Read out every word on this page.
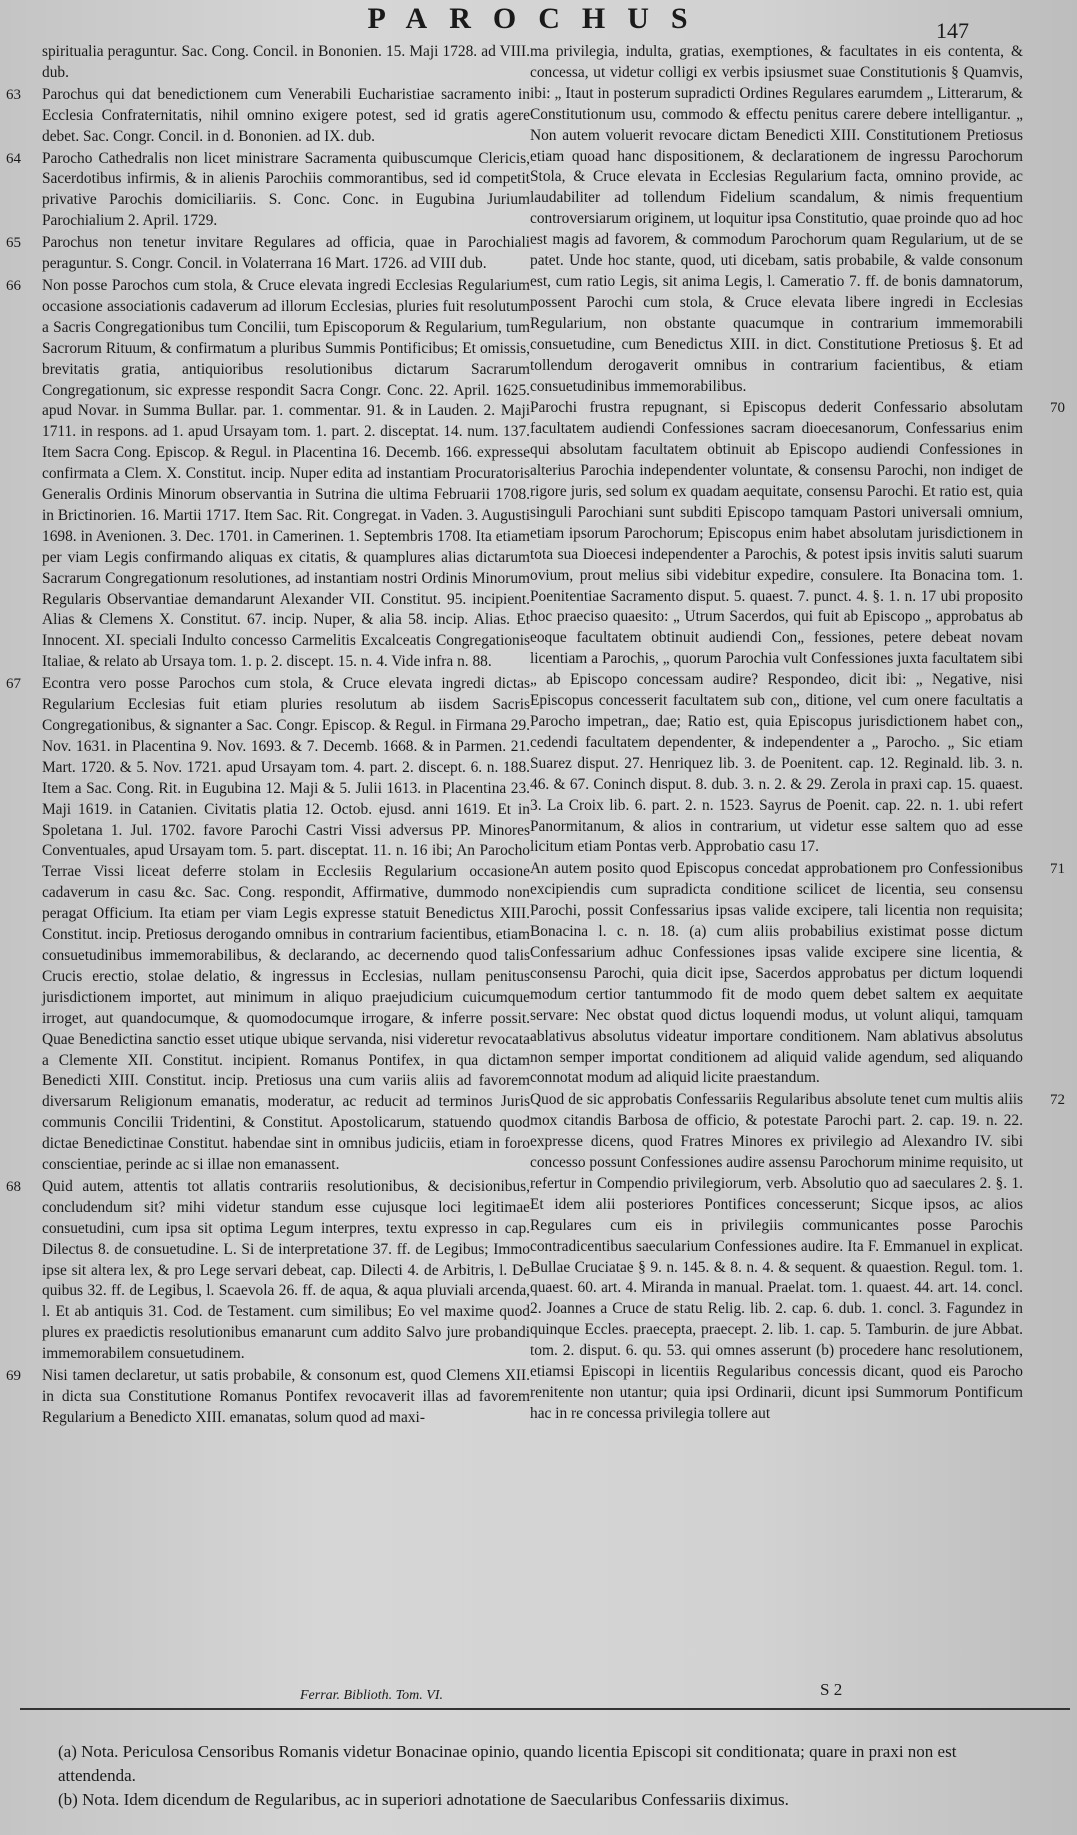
PAROCHUS	147

spiritualia peraguntur. Sac. Cong. Concil. in Bononien. 15. Maji 1728. ad VIII. dub.

63 Parochus qui dat benedictionem cum Venerabili Eucharistiae sacramento in Ecclesia Confraternitatis, nihil omnino exigere potest, sed id gratis agere debet. Sac. Congr. Concil. in d. Bononien. ad IX. dub.

64 Parocho Cathedralis non licet ministrare Sacramenta quibuscumque Clericis, Sacerdotibus infirmis, & in alienis Parochiis commorantibus, sed id competit privative Parochis domiciliariis. S. Conc. Conc. in Eugubina Jurium Parochialium 2. April. 1729.

65 Parochus non tenetur invitare Regulares ad officia, quae in Parochiali peraguntur. S. Congr. Concil. in Volaterrana 16 Mart. 1726. ad VIII dub.

66 Non posse Parochos cum stola, & Cruce elevata ingredi Ecclesias Regularium occasione associationis cadaverum ad illorum Ecclesias, pluries fuit resolutum a Sacris Congregationibus tum Concilii, tum Episcoporum & Regularium, tum Sacrorum Rituum, & confirmatum a pluribus Summis Pontificibus; Et omissis, brevitatis gratia, antiquioribus resolutionibus dictarum Sacrarum Congregationum, sic expresse respondit Sacra Congr. Conc. 22. April. 1625. apud Novar. in Summa Bullar. par. 1. commentar. 91. & in Lauden. 2. Maji 1711. in respons. ad 1. apud Ursayam tom. 1. part. 2. disceptat. 14. num. 137. Item Sacra Cong. Episcop. & Regul. in Placentina 16. Decemb. 166. expresse confirmata a Clem. X. Constitut. incip. Nuper edita ad instantiam Procuratoris Generalis Ordinis Minorum observantia in Sutrina die ultima Februarii 1708. in Brictinorien. 16. Martii 1717. Item Sac. Rit. Congregat. in Vaden. 3. Augusti 1698. in Avenionen. 3. Dec. 1701. in Camerinen. 1. Septembris 1708. Ita etiam per viam Legis confirmando aliquas ex citatis, & quamplures alias dictarum Sacrarum Congregationum resolutiones, ad instantiam nostri Ordinis Minorum Regularis Observantiae demandarunt Alexander VII. Constitut. 95. incipient. Alias & Clemens X. Constitut. 67. incip. Nuper, & alia 58. incip. Alias. Et Innocent. XI. speciali Indulto concesso Carmelitis Excalceatis Congregationis Italiae, & relato ab Ursaya tom. 1. p. 2. discept. 15. n. 4. Vide infra n. 88.

67 Econtra vero posse Parochos cum stola, & Cruce elevata ingredi dictas Regularium Ecclesias fuit etiam pluries resolutum ab iisdem Sacris Congregationibus, & signanter a Sac. Congr. Episcop. & Regul. in Firmana 29. Nov. 1631. in Placentina 9. Nov. 1693. & 7. Decemb. 1668. & in Parmen. 21. Mart. 1720. & 5. Nov. 1721. apud Ursayam tom. 4. part. 2. discept. 6. n. 188. Item a Sac. Cong. Rit. in Eugubina 12. Maji & 5. Julii 1613. in Placentina 23. Maji 1619. in Catanien. Civitatis platia 12. Octob. ejusd. anni 1619. Et in Spoletana 1. Jul. 1702. favore Parochi Castri Vissi adversus PP. Minores Conventuales, apud Ursayam tom. 5. part. disceptat. 11. n. 16 ibi; An Parocho Terrae Vissi liceat deferre stolam in Ecclesiis Regularium occasione cadaverum in casu &c. Sac. Cong. respondit, Affirmative, dummodo non peragat Officium. Ita etiam per viam Legis expresse statuit Benedictus XIII. Constitut. incip. Pretiosus derogando omnibus in contrarium facientibus, etiam consuetudinibus immemorabilibus, & declarando, ac decernendo quod talis Crucis erectio, stolae delatio, & ingressus in Ecclesias, nullam penitus jurisdictionem importet, aut minimum in aliquo praejudicium cuicumque irroget, aut quandocumque, & quomodocumque irrogare, & inferre possit. Quae Benedictina sanctio esset utique ubique servanda, nisi videretur revocata a Clemente XII. Constitut. incipient. Romanus Pontifex, in qua dictam Benedicti XIII. Constitut. incip. Pretiosus una cum variis aliis ad favorem diversarum Religionum emanatis, moderatur, ac reducit ad terminos Juris communis Concilii Tridentini, & Constitut. Apostolicarum, statuendo quod dictae Benedictinae Constitut. habendae sint in omnibus judiciis, etiam in foro conscientiae, perinde ac si illae non emanassent.

68 Quid autem, attentis tot allatis contrariis resolutionibus, & decisionibus, concludendum sit? mihi videtur standum esse cujusque loci legitimae consuetudini, cum ipsa sit optima Legum interpres, textu expresso in cap. Dilectus 8. de consuetudine. L. Si de interpretatione 37. ff. de Legibus; Immo ipse sit altera lex, & pro Lege servari debeat, cap. Dilecti 4. de Arbitris, l. De quibus 32. ff. de Legibus, l. Scaevola 26. ff. de aqua, & aqua pluviali arcenda, l. Et ab antiquis 31. Cod. de Testament. cum similibus; Eo vel maxime quod plures ex praedictis resolutionibus emanarunt cum addito Salvo jure probandi immemorabilem consuetudinem.

69 Nisi tamen declaretur, ut satis probabile, & consonum est, quod Clemens XII. in dicta sua Constitutione Romanus Pontifex revocaverit illas ad favorem Regularium a Benedicto XIII. emanatas, solum quod ad maxi-

ma privilegia, indulta, gratias, exemptiones, & facultates in eis contenta, & concessa, ut videtur colligi ex verbis ipsiusmet suae Constitutionis § Quamvis, ibi: „ Itaut in posterum supradicti Ordines Regulares earumdem „ Litterarum, & Constitutionum usu, commodo & effectu penitus carere debere intelligantur. „ Non autem voluerit revocare dictam Benedicti XIII. Constitutionem Pretiosus etiam quoad hanc dispositionem, & declarationem de ingressu Parochorum Stola, & Cruce elevata in Ecclesias Regularium facta, omnino provide, ac laudabiliter ad tollendum Fidelium scandalum, & nimis frequentium controversiarum originem, ut loquitur ipsa Constitutio, quae proinde quo ad hoc est magis ad favorem, & commodum Parochorum quam Regularium, ut de se patet. Unde hoc stante, quod, uti dicebam, satis probabile, & valde consonum est, cum ratio Legis, sit anima Legis, l. Cameratio 7. ff. de bonis damnatorum, possent Parochi cum stola, & Cruce elevata libere ingredi in Ecclesias Regularium, non obstante quacumque in contrarium immemorabili consuetudine, cum Benedictus XIII. in dict. Constitutione Pretiosus §. Et ad tollendum derogaverit omnibus in contrarium facientibus, & etiam consuetudinibus immemorabilibus.

70
Parochi frustra repugnant, si Episcopus dederit Confessario absolutam facultatem audiendi Confessiones sacram dioecesanorum, Confessarius enim qui absolutam facultatem obtinuit ab Episcopo audiendi Confessiones in alterius Parochia independenter voluntate, & consensu Parochi, non indiget de rigore juris, sed solum ex quadam aequitate, consensu Parochi. Et ratio est, quia singuli Parochiani sunt subditi Episcopo tamquam Pastori universali omnium, etiam ipsorum Parochorum; Episcopus enim habet absolutam jurisdictionem in tota sua Dioecesi independenter a Parochis, & potest ipsis invitis saluti suarum ovium, prout melius sibi videbitur expedire, consulere. Ita Bonacina tom. 1. Poenitentiae Sacramento disput. 5. quaest. 7. punct. 4. §. 1. n. 17 ubi proposito hoc praeciso quaesito: „ Utrum Sacerdos, qui fuit ab Episcopo „ approbatus ab eoque facultatem obtinuit audiendi Con„ fessiones, petere debeat novam licentiam a Parochis, „ quorum Parochia vult Confessiones juxta facultatem sibi „ ab Episcopo concessam audire? Respondeo, dicit ibi: „ Negative, nisi Episcopus concesserit facultatem sub con„ ditione, vel cum onere facultatis a Parocho impetran„ dae; Ratio est, quia Episcopus jurisdictionem habet con„ cedendi facultatem dependenter, & independenter a „ Parocho. „ Sic etiam Suarez disput. 27. Henriquez lib. 3. de Poenitent. cap. 12. Reginald. lib. 3. n. 46. & 67. Coninch disput. 8. dub. 3. n. 2. & 29. Zerola in praxi cap. 15. quaest. 3. La Croix lib. 6. part. 2. n. 1523. Sayrus de Poenit. cap. 22. n. 1. ubi refert Panormitanum, & alios in contrarium, ut videtur esse saltem quo ad esse licitum etiam Pontas verb. Approbatio casu 17.

71
An autem posito quod Episcopus concedat approbationem pro Confessionibus excipiendis cum supradicta conditione scilicet de licentia, seu consensu Parochi, possit Confessarius ipsas valide excipere, tali licentia non requisita; Bonacina l. c. n. 18. (a) cum aliis probabilius existimat posse dictum Confessarium adhuc Confessiones ipsas valide excipere sine licentia, & consensu Parochi, quia dicit ipse, Sacerdos approbatus per dictum loquendi modum certior tantummodo fit de modo quem debet saltem ex aequitate servare: Nec obstat quod dictus loquendi modus, ut volunt aliqui, tamquam ablativus absolutus videatur importare conditionem. Nam ablativus absolutus non semper importat conditionem ad aliquid valide agendum, sed aliquando connotat modum ad aliquid licite praestandum.

72
Quod de sic approbatis Confessariis Regularibus absolute tenet cum multis aliis mox citandis Barbosa de officio, & potestate Parochi part. 2. cap. 19. n. 22. expresse dicens, quod Fratres Minores ex privilegio ad Alexandro IV. sibi concesso possunt Confessiones audire assensu Parochorum minime requisito, ut refertur in Compendio privilegiorum, verb. Absolutio quo ad saeculares 2. §. 1. Et idem alii posteriores Pontifices concesserunt; Sicque ipsos, ac alios Regulares cum eis in privilegiis communicantes posse Parochis contradicentibus saecularium Confessiones audire. Ita F. Emmanuel in explicat. Bullae Cruciatae § 9. n. 145. & 8. n. 4. & sequent. & quaestion. Regul. tom. 1. quaest. 60. art. 4. Miranda in manual. Praelat. tom. 1. quaest. 44. art. 14. concl. 2. Joannes a Cruce de statu Relig. lib. 2. cap. 6. dub. 1. concl. 3. Fagundez in quinque Eccles. praecepta, praecept. 2. lib. 1. cap. 5. Tamburin. de jure Abbat. tom. 2. disput. 6. qu. 53. qui omnes asserunt (b) procedere hanc resolutionem, etiamsi Episcopi in licentiis Regularibus concessis dicant, quod eis Parocho renitente non utantur; quia ipsi Ordinarii, dicunt ipsi Summorum Pontificum hac in re concessa privilegia tollere aut

Ferrar. Biblioth. Tom. VI.	S 2

(a) Nota. Periculosa Censoribus Romanis videtur Bonacinae opinio, quando licentia Episcopi sit conditionata; quare in praxi non est attendenda.

(b) Nota. Idem dicendum de Regularibus, ac in superiori adnotatione de Saecularibus Confessariis diximus.
